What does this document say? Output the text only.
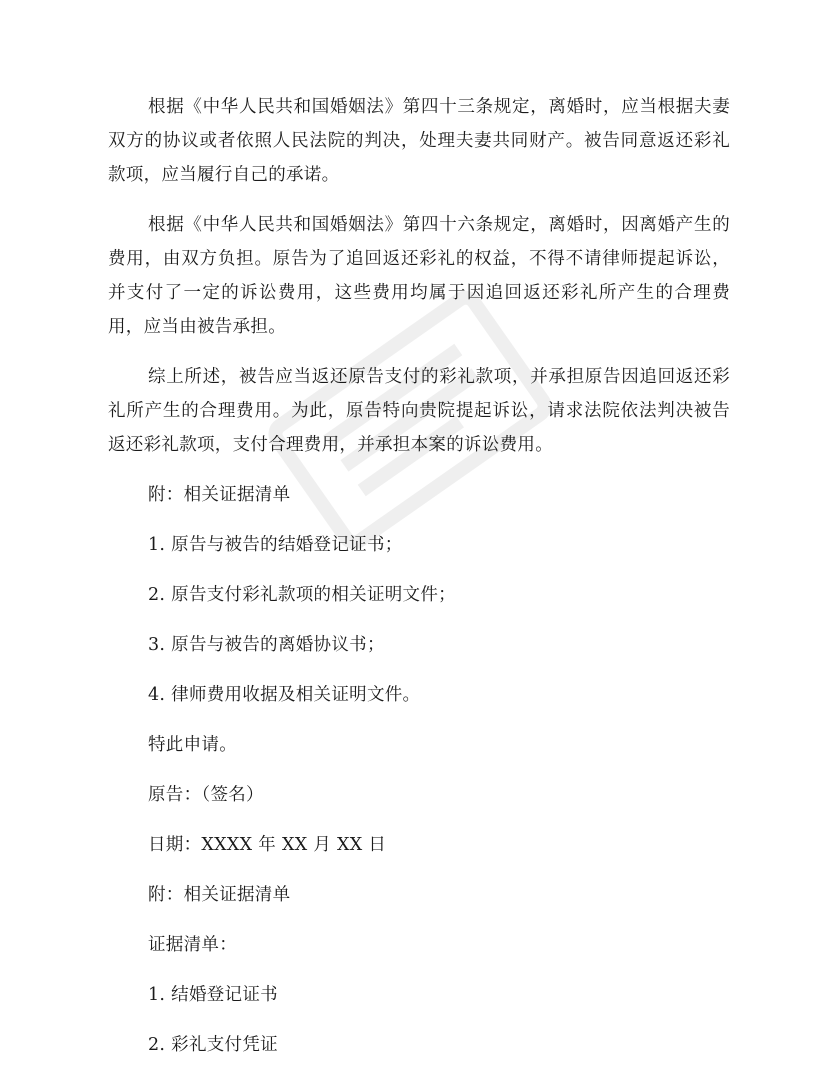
根据《中华人民共和国婚姻法》第四十三条规定，离婚时，应当根据夫妻双方的协议或者依照人民法院的判决，处理夫妻共同财产。被告同意返还彩礼款项，应当履行自己的承诺。

根据《中华人民共和国婚姻法》第四十六条规定，离婚时，因离婚产生的费用，由双方负担。原告为了追回返还彩礼的权益，不得不请律师提起诉讼，并支付了一定的诉讼费用，这些费用均属于因追回返还彩礼所产生的合理费用，应当由被告承担。

综上所述，被告应当返还原告支付的彩礼款项，并承担原告因追回返还彩礼所产生的合理费用。为此，原告特向贵院提起诉讼，请求法院依法判决被告返还彩礼款项，支付合理费用，并承担本案的诉讼费用。

附：相关证据清单

1. 原告与被告的结婚登记证书；

2. 原告支付彩礼款项的相关证明文件；

3. 原告与被告的离婚协议书；

4. 律师费用收据及相关证明文件。

特此申请。

原告：（签名）

日期：XXXX 年 XX 月 XX 日

附：相关证据清单

证据清单：

1. 结婚登记证书

2. 彩礼支付凭证
